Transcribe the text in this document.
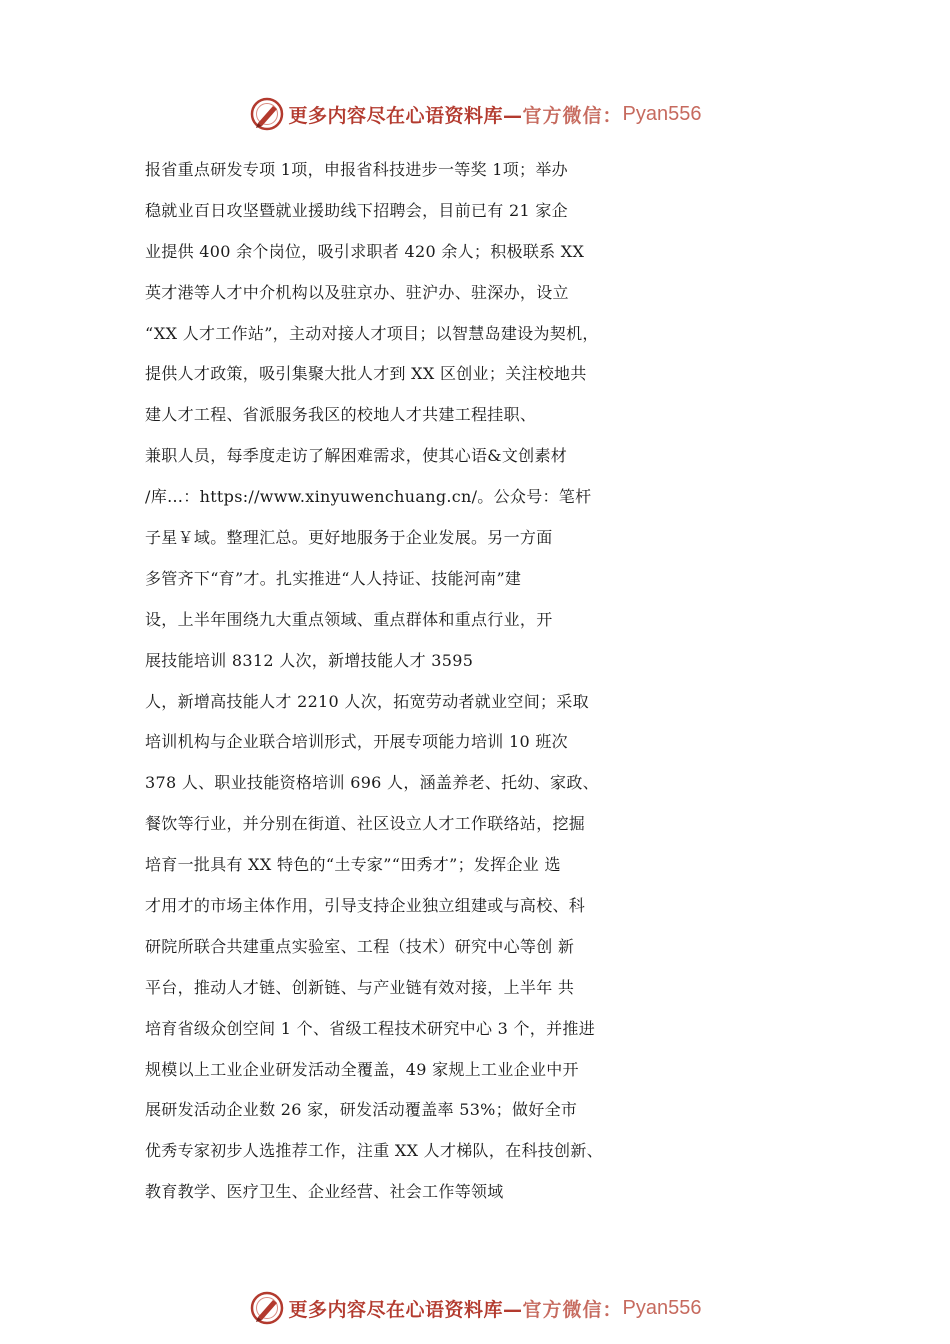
更多内容尽在心语资料库— 官方微信： Pyan556
报省重点研发专项 1项，申报省科技进步一等奖 1项；举办
稳就业百日攻坚暨就业援助线下招聘会，目前已有 21 家企
业提供 400 余个岗位，吸引求职者 420 余人；积极联系 XX
英才港等人才中介机构以及驻京办、驻沪办、驻深办，设立
“XX 人才工作站”，主动对接人才项目；以智慧岛建设为契机，
提供人才政策，吸引集聚大批人才到 XX 区创业；关注校地共
建人才工程、省派服务我区的校地人才共建工程挂职、
兼职人员，每季度走访了解困难需求，使其心语&文创素材
/库…：https://www.xinyuwenchuang.cn/。公众号：笔杆
子星￥域。整理汇总。更好地服务于企业发展。另一方面
多管齐下“育”才。扎实推进“人人持证、技能河南”建
设，上半年围绕九大重点领域、重点群体和重点行业，开
展技能培训 8312 人次，新增技能人才 3595
人，新增高技能人才 2210 人次，拓宽劳动者就业空间；采取
培训机构与企业联合培训形式，开展专项能力培训 10 班次
378 人、职业技能资格培训 696 人，涵盖养老、托幼、家政、
餐饮等行业，并分别在街道、社区设立人才工作联络站，挖掘
培育一批具有 XX 特色的“土专家”“田秀才”；发挥企业 选
才用才的市场主体作用，引导支持企业独立组建或与高校、科
研院所联合共建重点实验室、工程（技术）研究中心等创 新
平台，推动人才链、创新链、与产业链有效对接，上半年 共
培育省级众创空间 1 个、省级工程技术研究中心 3 个，并推进
规模以上工业企业研发活动全覆盖，49 家规上工业企业中开
展研发活动企业数 26 家，研发活动覆盖率 53%；做好全市
优秀专家初步人选推荐工作，注重 XX 人才梯队，在科技创新、
教育教学、医疗卫生、企业经营、社会工作等领域
更多内容尽在心语资料库— 官方微信： Pyan556
